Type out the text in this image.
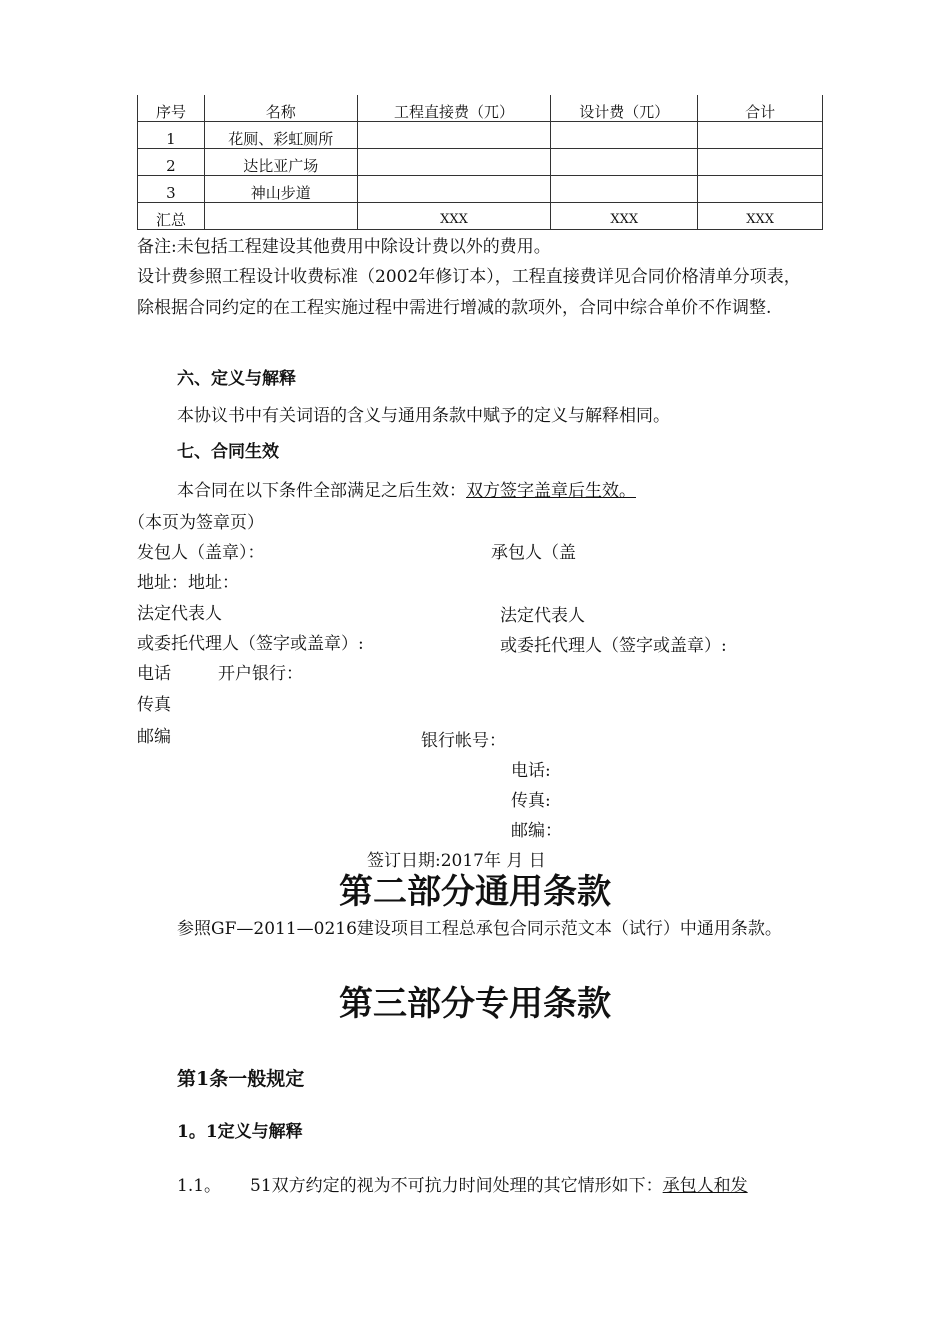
序号	名称	工程直接费（兀）	设计费（兀）	合计
1	花厕、彩虹厕所			
2	达比亚广场			
3	神山步道			
汇总		XXX	XXX	XXX
备注:未包括工程建设其他费用中除设计费以外的费用。
设计费参照工程设计收费标准（2002年修订本），工程直接费详见合同价格清单分项表，除根据合同约定的在工程实施过程中需进行增减的款项外，合同中综合单价不作调整.
六、定义与解释
本协议书中有关词语的含义与通用条款中赋予的定义与解释相同。
七、合同生效
本合同在以下条件全部满足之后生效：双方签字盖章后生效。
（本页为签章页）
发包人（盖章）：	承包人（盖
地址：地址：
法定代表人	法定代表人
或委托代理人（签字或盖章）:	或委托代理人（签字或盖章）:
电话	开户银行：
传真
邮编	银行帐号：
电话:
传真:
邮编：
签订日期:2017年 月 日
第二部分通用条款
参照GF—2011—0216建设项目工程总承包合同示范文本（试行）中通用条款。
第三部分专用条款
第1条一般规定
1。1定义与解释
1.1。 51双方约定的视为不可抗力时间处理的其它情形如下：承包人和发
